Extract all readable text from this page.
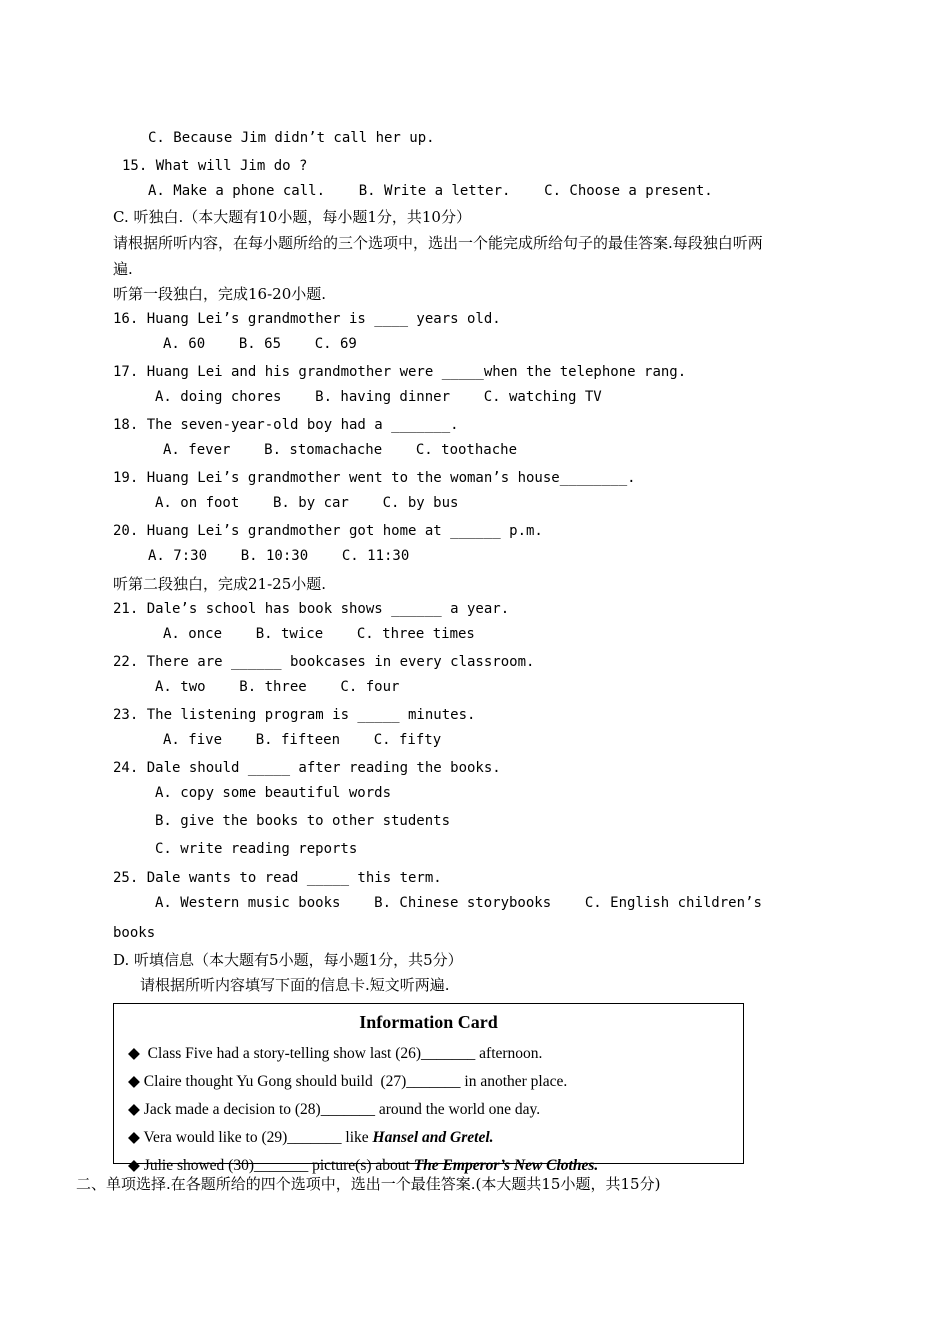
C. Because Jim didn’t call her up.
15. What will Jim do ?
A. Make a phone call.    B. Write a letter.    C. Choose a present.
C. 听独白.（本大题有10小题，每小题1分，共10分）
请根据所听内容，在每小题所给的三个选项中，选出一个能完成所给句子的最佳答案.每段独白听两
遍.
听第一段独白，完成16-20小题.
16. Huang Lei’s grandmother is ____ years old.
A. 60    B. 65    C. 69
17. Huang Lei and his grandmother were _____when the telephone rang.
A. doing chores    B. having dinner    C. watching TV
18. The seven-year-old boy had a _______.
A. fever    B. stomachache    C. toothache
19. Huang Lei’s grandmother went to the woman’s house________.
A. on foot    B. by car    C. by bus
20. Huang Lei’s grandmother got home at ______ p.m.
A. 7:30    B. 10:30    C. 11:30
听第二段独白，完成21-25小题.
21. Dale’s school has book shows ______ a year.
A. once    B. twice    C. three times
22. There are ______ bookcases in every classroom.
A. two    B. three    C. four
23. The listening program is _____ minutes.
A. five    B. fifteen    C. fifty
24. Dale should _____ after reading the books.
A. copy some beautiful words
B. give the books to other students
C. write reading reports
25. Dale wants to read _____ this term.
A. Western music books    B. Chinese storybooks    C. English children’s
books
D. 听填信息（本大题有5小题，每小题1分，共5分）
请根据所听内容填写下面的信息卡.短文听两遍.
二、单项选择.在各题所给的四个选项中，选出一个最佳答案.(本大题共15小题，共15分)
Information Card
◆  Class Five had a story-telling show last (26)_______ afternoon.
◆ Claire thought Yu Gong should build  (27)_______ in another place.
◆ Jack made a decision to (28)_______ around the world one day.
◆ Vera would like to (29)_______ like Hansel and Gretel.
◆ Julie showed (30)_______ picture(s) about The Emperor’s New Clothes.
